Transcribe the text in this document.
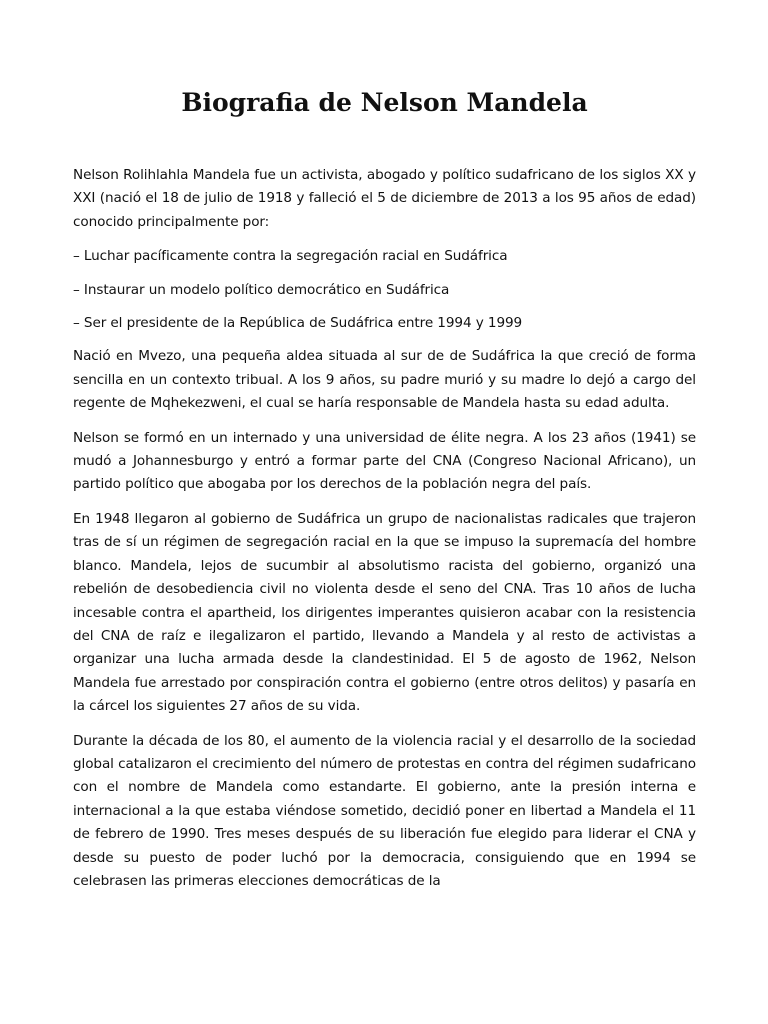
Biografia de Nelson Mandela

Nelson Rolihlahla Mandela fue un activista, abogado y político sudafricano de los siglos XX y XXI (nació el 18 de julio de 1918 y falleció el 5 de diciembre de 2013 a los 95 años de edad) conocido principalmente por:

– Luchar pacíficamente contra la segregación racial en Sudáfrica

– Instaurar un modelo político democrático en Sudáfrica

– Ser el presidente de la República de Sudáfrica entre 1994 y 1999

Nació en Mvezo, una pequeña aldea situada al sur de de Sudáfrica la que creció de forma sencilla en un contexto tribual. A los 9 años, su padre murió y su madre lo dejó a cargo del regente de Mqhekezweni, el cual se haría responsable de Mandela hasta su edad adulta.

Nelson se formó en un internado y una universidad de élite negra. A los 23 años (1941) se mudó a Johannesburgo y entró a formar parte del CNA (Congreso Nacional Africano), un partido político que abogaba por los derechos de la población negra del país.

En 1948 llegaron al gobierno de Sudáfrica un grupo de nacionalistas radicales que trajeron tras de sí un régimen de segregación racial en la que se impuso la supremacía del hombre blanco. Mandela, lejos de sucumbir al absolutismo racista del gobierno, organizó una rebelión de desobediencia civil no violenta desde el seno del CNA. Tras 10 años de lucha incesable contra el apartheid, los dirigentes imperantes quisieron acabar con la resistencia del CNA de raíz e ilegalizaron el partido, llevando a Mandela y al resto de activistas a organizar una lucha armada desde la clandestinidad. El 5 de agosto de 1962, Nelson Mandela fue arrestado por conspiración contra el gobierno (entre otros delitos) y pasaría en la cárcel los siguientes 27 años de su vida.

Durante la década de los 80, el aumento de la violencia racial y el desarrollo de la sociedad global catalizaron el crecimiento del número de protestas en contra del régimen sudafricano con el nombre de Mandela como estandarte. El gobierno, ante la presión interna e internacional a la que estaba viéndose sometido, decidió poner en libertad a Mandela el 11 de febrero de 1990. Tres meses después de su liberación fue elegido para liderar el CNA y desde su puesto de poder luchó por la democracia, consiguiendo que en 1994 se celebrasen las primeras elecciones democráticas de la
